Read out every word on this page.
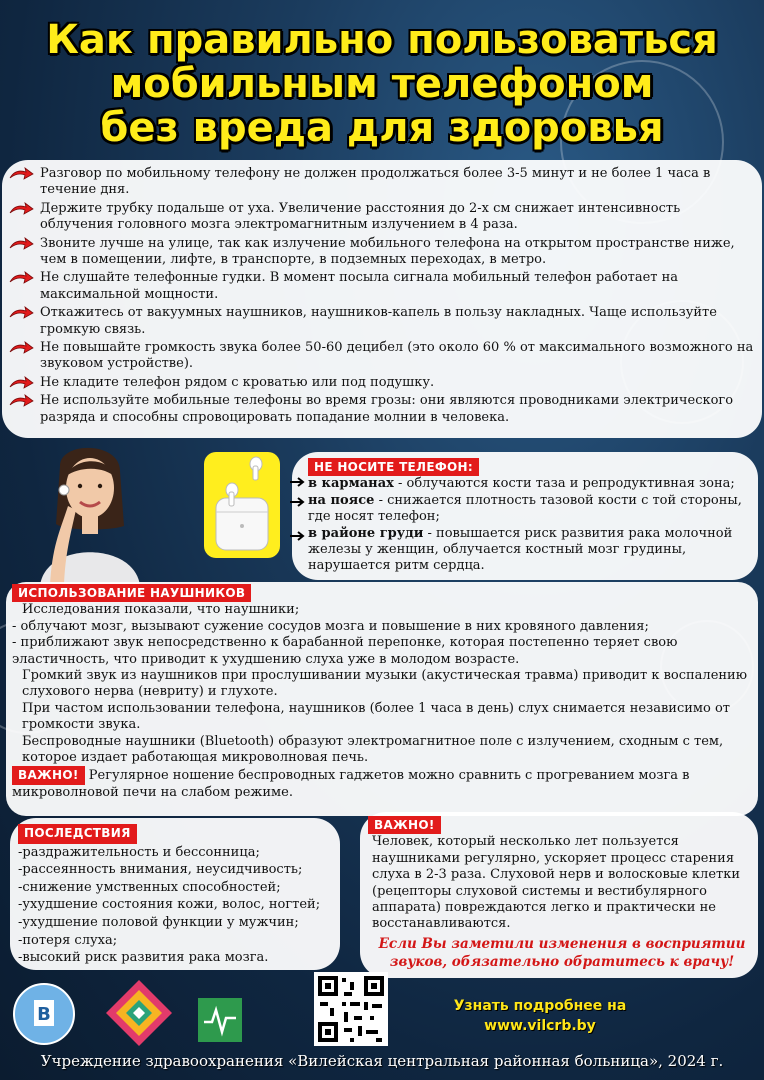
Как правильно пользоваться
мобильным телефоном
без вреда для здоровья
Разговор по мобильному телефону не должен продолжаться более 3-5 минут и не более 1 часа в течение дня.
Держите трубку подальше от уха. Увеличение расстояния до 2-х см снижает интенсивность облучения головного мозга электромагнитным излучением в 4 раза.
Звоните лучше на улице, так как излучение мобильного телефона на открытом пространстве ниже, чем в помещении, лифте, в транспорте, в подземных переходах, в метро.
Не слушайте телефонные гудки. В момент посыла сигнала мобильный телефон работает на максимальной мощности.
Откажитесь от вакуумных наушников, наушников-капель в пользу накладных. Чаще используйте громкую связь.
Не повышайте громкость звука более 50-60 децибел (это около 60 % от максимального возможного на звуковом устройстве).
Не кладите телефон рядом с кроватью или под подушку.
Не используйте мобильные телефоны во время грозы: они являются проводниками электрического разряда и способны спровоцировать попадание молнии в человека.
НЕ НОСИТЕ ТЕЛЕФОН:
в карманах - облучаются кости таза и репродуктивная зона;
на поясе - снижается плотность тазовой кости с той стороны, где носят телефон;
в районе груди - повышается риск развития рака молочной железы у женщин, облучается костный мозг грудины, нарушается ритм сердца.
ИСПОЛЬЗОВАНИЕ НАУШНИКОВ
Исследования показали, что наушники;
- облучают мозг, вызывают сужение сосудов мозга и повышение в них кровяного давления;
- приближают звук непосредственно к барабанной перепонке, которая постепенно теряет свою эластичность, что приводит к ухудшению слуха уже в молодом возрасте.
Громкий звук из наушников при прослушивании музыки (акустическая травма) приводит к воспалению слухового нерва (невриту) и глухоте.
При частом использовании телефона, наушников (более 1 часа в день) слух снимается независимо от громкости звука.
Беспроводные наушники (Bluetooth) образуют электромагнитное поле с излучением, сходным с тем, которое издает работающая микроволновая печь.
ВАЖНО! Регулярное ношение беспроводных гаджетов можно сравнить с прогреванием мозга в микроволновой печи на слабом режиме.
ПОСЛЕДСТВИЯ
-раздражительность и бессонница;
-рассеянность внимания, неусидчивость;
-снижение умственных способностей;
-ухудшение состояния кожи, волос, ногтей;
-ухудшение половой функции у мужчин;
-потеря слуха;
-высокий риск развития рака мозга.
ВАЖНО!
Человек, который несколько лет пользуется наушниками регулярно, ускоряет процесс старения слуха в 2-3 раза. Слуховой нерв и волосковые клетки (рецепторы слуховой системы и вестибулярного аппарата) повреждаются легко и практически не восстанавливаются.
Если Вы заметили изменения в восприятии звуков, обязательно обратитесь к врачу!
B	Узнать подробнее на
www.vilcrb.by
Учреждение здравоохранения «Вилейская центральная районная больница», 2024 г.
